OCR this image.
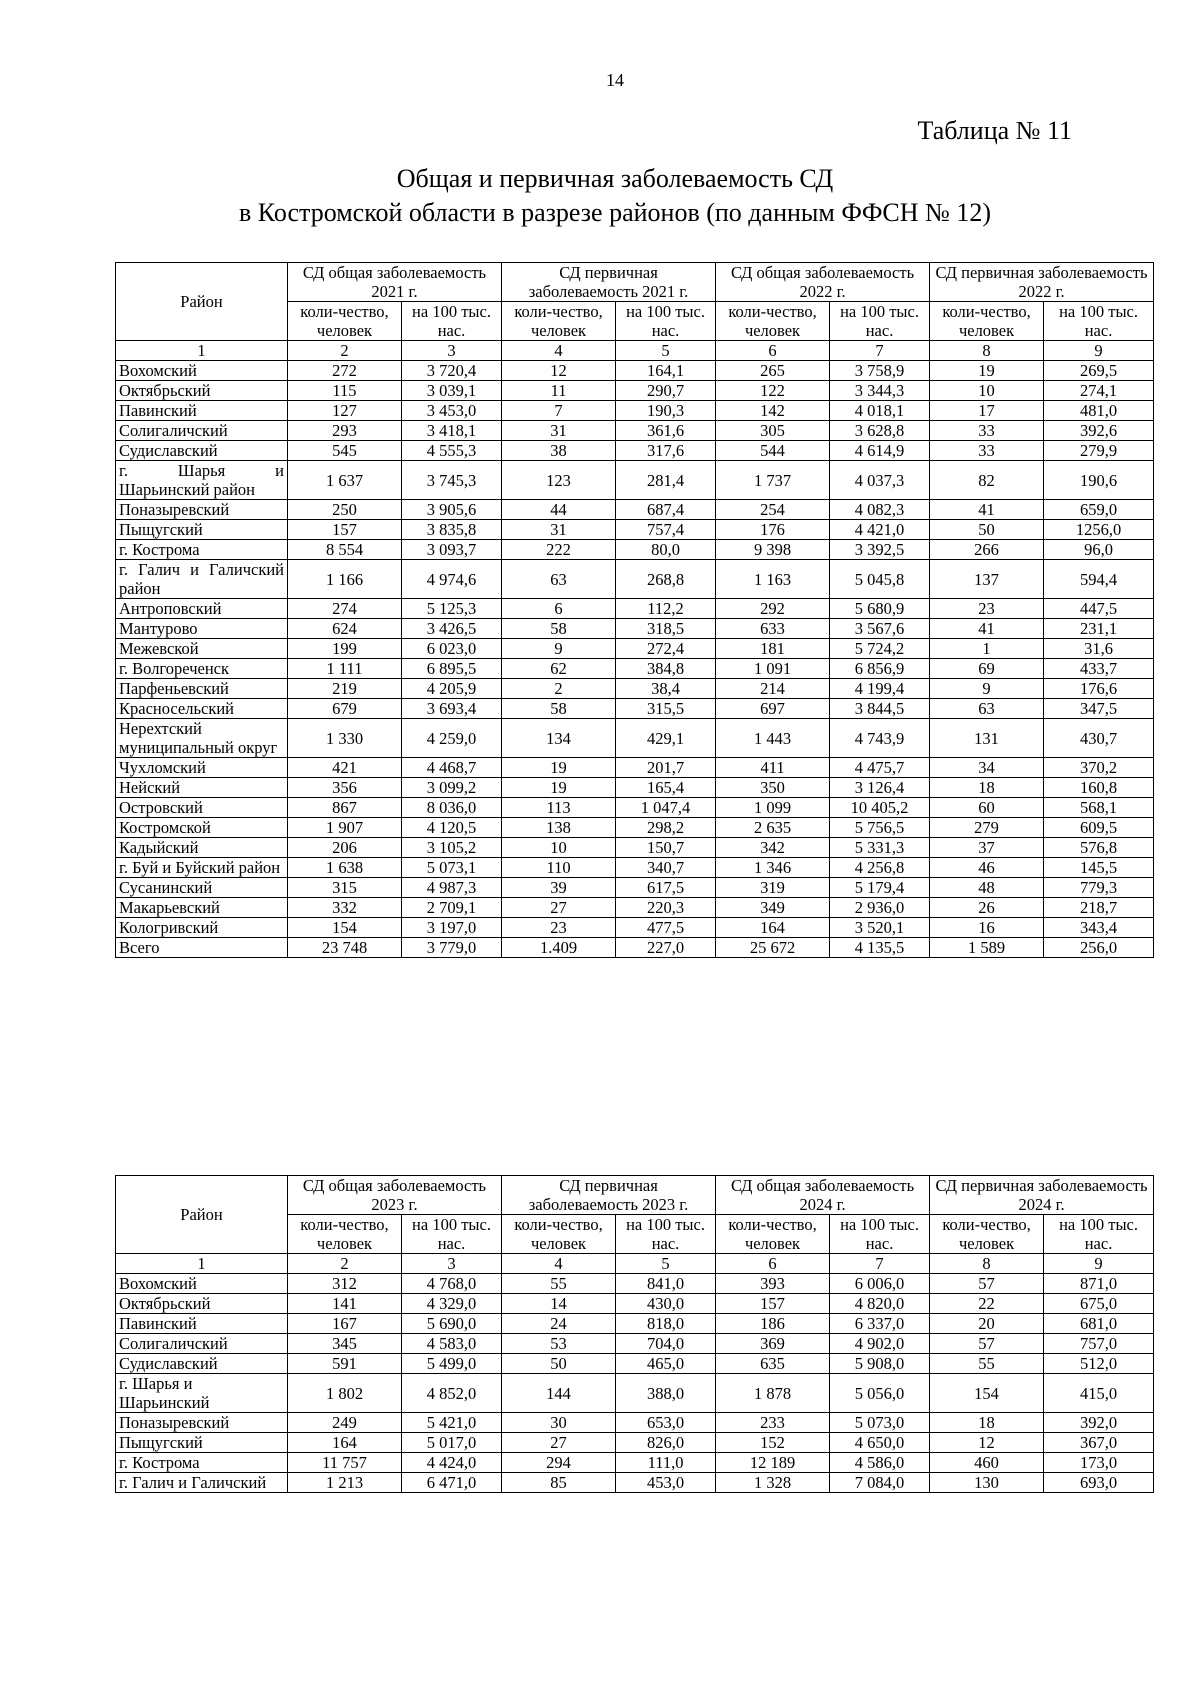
14
Таблица № 11
Общая и первичная заболеваемость СД
в Костромской области в разрезе районов (по данным ФФСН № 12)
Район	СД общая заболеваемость 2021 г.		СД первичная заболеваемость 2021 г.		СД общая заболеваемость 2022 г.		СД первичная заболеваемость 2022 г.	
	коли-чество, человек	на 100 тыс. нас.	коли-чество, человек	на 100 тыс. нас.	коли-чество, человек	на 100 тыс. нас.	коли-чество, человек	на 100 тыс. нас.
1	2	3	4	5	6	7	8	9
Вохомский	272	3 720,4	12	164,1	265	3 758,9	19	269,5
Октябрьский	115	3 039,1	11	290,7	122	3 344,3	10	274,1
Павинский	127	3 453,0	7	190,3	142	4 018,1	17	481,0
Солигаличский	293	3 418,1	31	361,6	305	3 628,8	33	392,6
Судиславский	545	4 555,3	38	317,6	544	4 614,9	33	279,9
г. Шарья и Шарьинский район	1 637	3 745,3	123	281,4	1 737	4 037,3	82	190,6
Поназыревский	250	3 905,6	44	687,4	254	4 082,3	41	659,0
Пыщугский	157	3 835,8	31	757,4	176	4 421,0	50	1256,0
г. Кострома	8 554	3 093,7	222	80,0	9 398	3 392,5	266	96,0
г. Галич и Галичский район	1 166	4 974,6	63	268,8	1 163	5 045,8	137	594,4
Антроповский	274	5 125,3	6	112,2	292	5 680,9	23	447,5
Мантурово	624	3 426,5	58	318,5	633	3 567,6	41	231,1
Межевской	199	6 023,0	9	272,4	181	5 724,2	1	31,6
г. Волгореченск	1 111	6 895,5	62	384,8	1 091	6 856,9	69	433,7
Парфеньевский	219	4 205,9	2	38,4	214	4 199,4	9	176,6
Красносельский	679	3 693,4	58	315,5	697	3 844,5	63	347,5
Нерехтский муниципальный округ	1 330	4 259,0	134	429,1	1 443	4 743,9	131	430,7
Чухломский	421	4 468,7	19	201,7	411	4 475,7	34	370,2
Нейский	356	3 099,2	19	165,4	350	3 126,4	18	160,8
Островский	867	8 036,0	113	1 047,4	1 099	10 405,2	60	568,1
Костромской	1 907	4 120,5	138	298,2	2 635	5 756,5	279	609,5
Кадыйский	206	3 105,2	10	150,7	342	5 331,3	37	576,8
г. Буй и Буйский район	1 638	5 073,1	110	340,7	1 346	4 256,8	46	145,5
Сусанинский	315	4 987,3	39	617,5	319	5 179,4	48	779,3
Макарьевский	332	2 709,1	27	220,3	349	2 936,0	26	218,7
Кологривский	154	3 197,0	23	477,5	164	3 520,1	16	343,4
Всего	23 748	3 779,0	1.409	227,0	25 672	4 135,5	1 589	256,0
Район	СД общая заболеваемость 2023 г.		СД первичная заболеваемость 2023 г.		СД общая заболеваемость 2024 г.		СД первичная заболеваемость 2024 г.	
	коли-чество, человек	на 100 тыс. нас.	коли-чество, человек	на 100 тыс. нас.	коли-чество, человек	на 100 тыс. нас.	коли-чество, человек	на 100 тыс. нас.
1	2	3	4	5	6	7	8	9
Вохомский	312	4 768,0	55	841,0	393	6 006,0	57	871,0
Октябрьский	141	4 329,0	14	430,0	157	4 820,0	22	675,0
Павинский	167	5 690,0	24	818,0	186	6 337,0	20	681,0
Солигаличский	345	4 583,0	53	704,0	369	4 902,0	57	757,0
Судиславский	591	5 499,0	50	465,0	635	5 908,0	55	512,0
г. Шарья и Шарьинский	1 802	4 852,0	144	388,0	1 878	5 056,0	154	415,0
Поназыревский	249	5 421,0	30	653,0	233	5 073,0	18	392,0
Пыщугский	164	5 017,0	27	826,0	152	4 650,0	12	367,0
г. Кострома	11 757	4 424,0	294	111,0	12 189	4 586,0	460	173,0
г. Галич и Галичский	1 213	6 471,0	85	453,0	1 328	7 084,0	130	693,0
